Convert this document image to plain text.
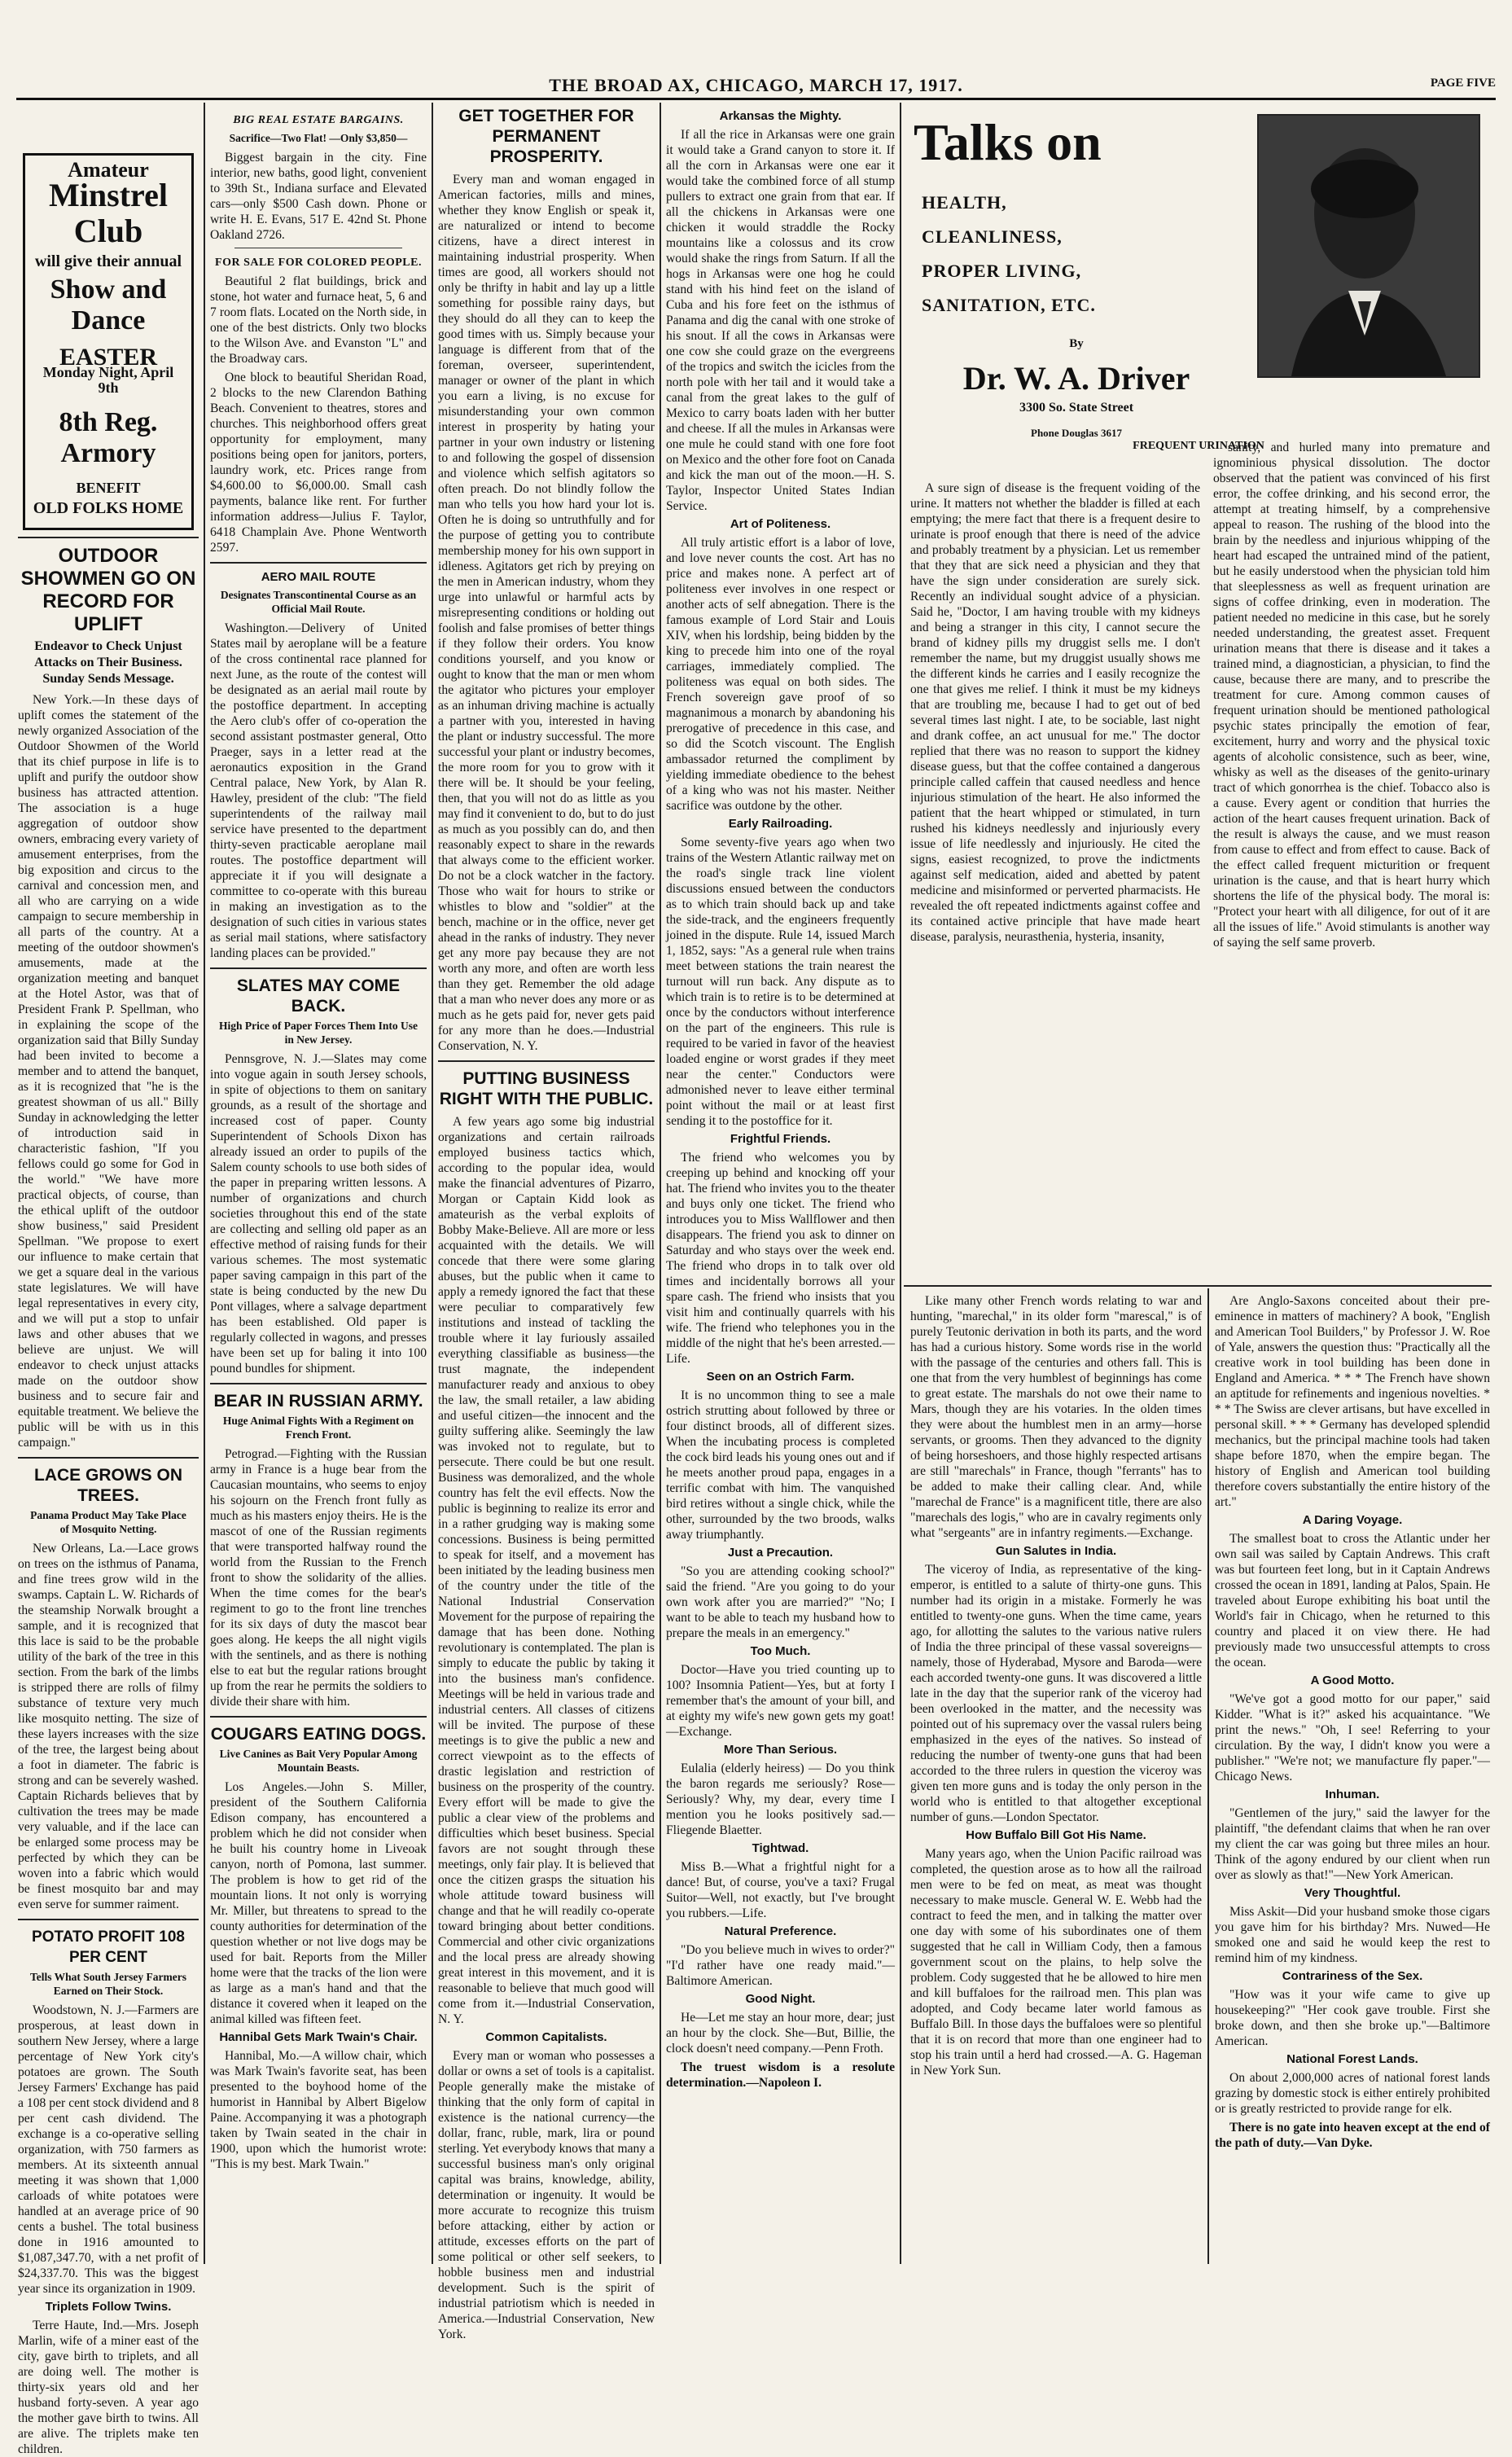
THE BROAD AX, CHICAGO, MARCH 17, 1917.	PAGE FIVE
Amateur
Minstrel Club
will give their annual
Show and Dance
EASTER
Monday Night, April 9th
8th Reg. Armory
BENEFIT
OLD FOLKS HOME
OUTDOOR SHOWMEN GO ON RECORD FOR UPLIFT
Endeavor to Check Unjust Attacks on Their Business. Sunday Sends Message.

New York.—In these days of uplift comes the statement of the newly organized Association of the Outdoor Showmen of the World that its chief purpose in life is to uplift and purify the outdoor show business has attracted attention. The association is a huge aggregation of outdoor show owners, embracing every variety of amusement enterprises, from the big exposition and circus to the carnival and concession men, and all who are carrying on a wide campaign to secure membership in all parts of the country. At a meeting of the outdoor showmen's amusements, made at the organization meeting and banquet at the Hotel Astor, was that of President Frank P. Spellman, who in explaining the scope of the organization said that Billy Sunday had been invited to become a member and to attend the banquet, as it is recognized that "he is the greatest showman of us all." Billy Sunday in acknowledging the letter of introduction said in characteristic fashion, "If you fellows could go some for God in the world." "We have more practical objects, of course, than the ethical uplift of the outdoor show business," said President Spellman. "We propose to exert our influence to make certain that we get a square deal in the various state legislatures. We will have legal representatives in every city, and we will put a stop to unfair laws and other abuses that we believe are unjust. We will endeavor to check unjust attacks made on the outdoor show business and to secure fair and equitable treatment. We believe the public will be with us in this campaign."

LACE GROWS ON TREES.
Panama Product May Take Place of Mosquito Netting.

New Orleans, La.—Lace grows on trees on the isthmus of Panama, and fine trees grow wild in the swamps. Captain L. W. Richards of the steamship Norwalk brought a sample, and it is recognized that this lace is said to be the probable utility of the bark of the tree in this section. From the bark of the limbs is stripped there are rolls of filmy substance of texture very much like mosquito netting. The size of these layers increases with the size of the tree, the largest being about a foot in diameter. The fabric is strong and can be severely washed. Captain Richards believes that by cultivation the trees may be made very valuable, and if the lace can be enlarged some process may be perfected by which they can be woven into a fabric which would be finest mosquito bar and may even serve for summer raiment.

POTATO PROFIT 108 PER CENT
Tells What South Jersey Farmers Earned on Their Stock.

Woodstown, N. J.—Farmers are prosperous, at least down in southern New Jersey, where a large percentage of New York city's potatoes are grown. The South Jersey Farmers' Exchange has paid a 108 per cent stock dividend and 8 per cent cash dividend. The exchange is a co-operative selling organization, with 750 farmers as members. At its sixteenth annual meeting it was shown that 1,000 carloads of white potatoes were handled at an average price of 90 cents a bushel. The total business done in 1916 amounted to $1,087,347.70, with a net profit of $24,337.70. This was the biggest year since its organization in 1909.

Triplets Follow Twins.

Terre Haute, Ind.—Mrs. Joseph Marlin, wife of a miner east of the city, gave birth to triplets, and all are doing well. The mother is thirty-six years old and her husband forty-seven. A year ago the mother gave birth to twins. All are alive. The triplets make ten children.

BIG REAL ESTATE BARGAINS.
Sacrifice—Two Flat! —Only $3,850—

Biggest bargain in the city. Fine interior, new baths, good light, convenient to 39th St., Indiana surface and Elevated cars—only $500 Cash down. Phone or write H. E. Evans, 517 E. 42nd St. Phone Oakland 2726.

FOR SALE FOR COLORED PEOPLE.

Beautiful 2 flat buildings, brick and stone, hot water and furnace heat, 5, 6 and 7 room flats. Located on the North side, in one of the best districts. Only two blocks to the Wilson Ave. and Evanston "L" and the Broadway cars.

One block to beautiful Sheridan Road, 2 blocks to the new Clarendon Bathing Beach. Convenient to theatres, stores and churches. This neighborhood offers great opportunity for employment, many positions being open for janitors, porters, laundry work, etc. Prices range from $4,600.00 to $6,000.00. Small cash payments, balance like rent. For further information address—Julius F. Taylor, 6418 Champlain Ave. Phone Wentworth 2597.

AERO MAIL ROUTE
Designates Transcontinental Course as an Official Mail Route.

Washington.—Delivery of United States mail by aeroplane will be a feature of the cross continental race planned for next June, as the route of the contest will be designated as an aerial mail route by the postoffice department. In accepting the Aero club's offer of co-operation the second assistant postmaster general, Otto Praeger, says in a letter read at the aeronautics exposition in the Grand Central palace, New York, by Alan R. Hawley, president of the club: "The field superintendents of the railway mail service have presented to the department thirty-seven practicable aeroplane mail routes. The postoffice department will appreciate it if you will designate a committee to co-operate with this bureau in making an investigation as to the designation of such cities in various states as serial mail stations, where satisfactory landing places can be provided."

SLATES MAY COME BACK.
High Price of Paper Forces Them Into Use in New Jersey.

Pennsgrove, N. J.—Slates may come into vogue again in south Jersey schools, in spite of objections to them on sanitary grounds, as a result of the shortage and increased cost of paper. County Superintendent of Schools Dixon has already issued an order to pupils of the Salem county schools to use both sides of the paper in preparing written lessons. A number of organizations and church societies throughout this end of the state are collecting and selling old paper as an effective method of raising funds for their various schemes. The most systematic paper saving campaign in this part of the state is being conducted by the new Du Pont villages, where a salvage department has been established. Old paper is regularly collected in wagons, and presses have been set up for baling it into 100 pound bundles for shipment.

BEAR IN RUSSIAN ARMY.
Huge Animal Fights With a Regiment on French Front.

Petrograd.—Fighting with the Russian army in France is a huge bear from the Caucasian mountains, who seems to enjoy his sojourn on the French front fully as much as his masters enjoy theirs. He is the mascot of one of the Russian regiments that were transported halfway round the world from the Russian to the French front to show the solidarity of the allies. When the time comes for the bear's regiment to go to the front line trenches for its six days of duty the mascot bear goes along. He keeps the all night vigils with the sentinels, and as there is nothing else to eat but the regular rations brought up from the rear he permits the soldiers to divide their share with him.

COUGARS EATING DOGS.
Live Canines as Bait Very Popular Among Mountain Beasts.

Los Angeles.—John S. Miller, president of the Southern California Edison company, has encountered a problem which he did not consider when he built his country home in Liveoak canyon, north of Pomona, last summer. The problem is how to get rid of the mountain lions. It not only is worrying Mr. Miller, but threatens to spread to the county authorities for determination of the question whether or not live dogs may be used for bait. Reports from the Miller home were that the tracks of the lion were as large as a man's hand and that the distance it covered when it leaped on the animal killed was fifteen feet.

Hannibal Gets Mark Twain's Chair.

Hannibal, Mo.—A willow chair, which was Mark Twain's favorite seat, has been presented to the boyhood home of the humorist in Hannibal by Albert Bigelow Paine. Accompanying it was a photograph taken by Twain seated in the chair in 1900, upon which the humorist wrote: "This is my best. Mark Twain."

GET TOGETHER FOR PERMANENT PROSPERITY.

Every man and woman engaged in American factories, mills and mines, whether they know English or speak it, are naturalized or intend to become citizens, have a direct interest in maintaining industrial prosperity. When times are good, all workers should not only be thrifty in habit and lay up a little something for possible rainy days, but they should do all they can to keep the good times with us. Simply because your language is different from that of the foreman, overseer, superintendent, manager or owner of the plant in which you earn a living, is no excuse for misunderstanding your own common interest in prosperity by hating your partner in your own industry or listening to and following the gospel of dissension and violence which selfish agitators so often preach. Do not blindly follow the man who tells you how hard your lot is. Often he is doing so untruthfully and for the purpose of getting you to contribute membership money for his own support in idleness. Agitators get rich by preying on the men in American industry, whom they urge into unlawful or harmful acts by misrepresenting conditions or holding out foolish and false promises of better things if they follow their orders. You know conditions yourself, and you know or ought to know that the man or men whom the agitator who pictures your employer as an inhuman driving machine is actually a partner with you, interested in having the plant or industry successful. The more successful your plant or industry becomes, the more room for you to grow with it there will be. It should be your feeling, then, that you will not do as little as you may find it convenient to do, but to do just as much as you possibly can do, and then reasonably expect to share in the rewards that always come to the efficient worker. Do not be a clock watcher in the factory. Those who wait for hours to strike or whistles to blow and "soldier" at the bench, machine or in the office, never get ahead in the ranks of industry. They never get any more pay because they are not worth any more, and often are worth less than they get. Remember the old adage that a man who never does any more or as much as he gets paid for, never gets paid for any more than he does.—Industrial Conservation, N. Y.

PUTTING BUSINESS RIGHT WITH THE PUBLIC.

A few years ago some big industrial organizations and certain railroads employed business tactics which, according to the popular idea, would make the financial adventures of Pizarro, Morgan or Captain Kidd look as amateurish as the verbal exploits of Bobby Make-Believe. All are more or less acquainted with the details. We will concede that there were some glaring abuses, but the public when it came to apply a remedy ignored the fact that these were peculiar to comparatively few institutions and instead of tackling the trouble where it lay furiously assailed everything classifiable as business—the trust magnate, the independent manufacturer ready and anxious to obey the law, the small retailer, a law abiding and useful citizen—the innocent and the guilty suffering alike. Seemingly the law was invoked not to regulate, but to persecute. There could be but one result. Business was demoralized, and the whole country has felt the evil effects. Now the public is beginning to realize its error and in a rather grudging way is making some concessions. Business is being permitted to speak for itself, and a movement has been initiated by the leading business men of the country under the title of the National Industrial Conservation Movement for the purpose of repairing the damage that has been done. Nothing revolutionary is contemplated. The plan is simply to educate the public by taking it into the business man's confidence. Meetings will be held in various trade and industrial centers. All classes of citizens will be invited. The purpose of these meetings is to give the public a new and correct viewpoint as to the effects of drastic legislation and restriction of business on the prosperity of the country. Every effort will be made to give the public a clear view of the problems and difficulties which beset business. Special favors are not sought through these meetings, only fair play. It is believed that once the citizen grasps the situation his whole attitude toward business will change and that he will readily co-operate toward bringing about better conditions. Commercial and other civic organizations and the local press are already showing great interest in this movement, and it is reasonable to believe that much good will come from it.—Industrial Conservation, N. Y.

Common Capitalists.

Every man or woman who possesses a dollar or owns a set of tools is a capitalist. People generally make the mistake of thinking that the only form of capital in existence is the national currency—the dollar, franc, ruble, mark, lira or pound sterling. Yet everybody knows that many a successful business man's only original capital was brains, knowledge, ability, determination or ingenuity. It would be more accurate to recognize this truism before attacking, either by action or attitude, excesses efforts on the part of some political or other self seekers, to hobble business men and industrial development. Such is the spirit of industrial patriotism which is needed in America.—Industrial Conservation, New York.

Arkansas the Mighty.

If all the rice in Arkansas were one grain it would take a Grand canyon to store it. If all the corn in Arkansas were one ear it would take the combined force of all stump pullers to extract one grain from that ear. If all the chickens in Arkansas were one chicken it would straddle the Rocky mountains like a colossus and its crow would shake the rings from Saturn. If all the hogs in Arkansas were one hog he could stand with his hind feet on the island of Cuba and his fore feet on the isthmus of Panama and dig the canal with one stroke of his snout. If all the cows in Arkansas were one cow she could graze on the evergreens of the tropics and switch the icicles from the north pole with her tail and it would take a canal from the great lakes to the gulf of Mexico to carry boats laden with her butter and cheese. If all the mules in Arkansas were one mule he could stand with one fore foot on Mexico and the other fore foot on Canada and kick the man out of the moon.—H. S. Taylor, Inspector United States Indian Service.

Art of Politeness.

All truly artistic effort is a labor of love, and love never counts the cost. Art has no price and makes none. A perfect art of politeness ever involves in one respect or another acts of self abnegation. There is the famous example of Lord Stair and Louis XIV, when his lordship, being bidden by the king to precede him into one of the royal carriages, immediately complied. The politeness was equal on both sides. The French sovereign gave proof of so magnanimous a monarch by abandoning his prerogative of precedence in this case, and so did the Scotch viscount. The English ambassador returned the compliment by yielding immediate obedience to the behest of a king who was not his master. Neither sacrifice was outdone by the other.

Early Railroading.

Some seventy-five years ago when two trains of the Western Atlantic railway met on the road's single track line violent discussions ensued between the conductors as to which train should back up and take the side-track, and the engineers frequently joined in the dispute. Rule 14, issued March 1, 1852, says: "As a general rule when trains meet between stations the train nearest the turnout will run back. Any dispute as to which train is to retire is to be determined at once by the conductors without interference on the part of the engineers. This rule is required to be varied in favor of the heaviest loaded engine or worst grades if they meet near the center." Conductors were admonished never to leave either terminal point without the mail or at least first sending it to the postoffice for it.

Frightful Friends.

The friend who welcomes you by creeping up behind and knocking off your hat. The friend who invites you to the theater and buys only one ticket. The friend who introduces you to Miss Wallflower and then disappears. The friend you ask to dinner on Saturday and who stays over the week end. The friend who drops in to talk over old times and incidentally borrows all your spare cash. The friend who insists that you visit him and continually quarrels with his wife. The friend who telephones you in the middle of the night that he's been arrested.—Life.

Seen on an Ostrich Farm.

It is no uncommon thing to see a male ostrich strutting about followed by three or four distinct broods, all of different sizes. When the incubating process is completed the cock bird leads his young ones out and if he meets another proud papa, engages in a terrific combat with him. The vanquished bird retires without a single chick, while the other, surrounded by the two broods, walks away triumphantly.

Just a Precaution.

"So you are attending cooking school?" said the friend. "Are you going to do your own work after you are married?" "No; I want to be able to teach my husband how to prepare the meals in an emergency."

Too Much.

Doctor—Have you tried counting up to 100? Insomnia Patient—Yes, but at forty I remember that's the amount of your bill, and at eighty my wife's new gown gets my goat!—Exchange.

More Than Serious.

Eulalia (elderly heiress) — Do you think the baron regards me seriously? Rose—Seriously? Why, my dear, every time I mention you he looks positively sad.—Fliegende Blaetter.

Tightwad.

Miss B.—What a frightful night for a dance! But, of course, you've a taxi? Frugal Suitor—Well, not exactly, but I've brought you rubbers.—Life.

Natural Preference.

"Do you believe much in wives to order?" "I'd rather have one ready maid."—Baltimore American.

Good Night.

He—Let me stay an hour more, dear; just an hour by the clock. She—But, Billie, the clock doesn't need company.—Penn Froth.

The truest wisdom is a resolute determination.—Napoleon I.

Talks on
HEALTH,
CLEANLINESS,
PROPER LIVING,
SANITATION, ETC.
By
Dr. W. A. Driver
3300 So. State Street
Phone Douglas 3617
FREQUENT URINATION

A sure sign of disease is the frequent voiding of the urine. It matters not whether the bladder is filled at each emptying; the mere fact that there is a frequent desire to urinate is proof enough that there is need of the advice and probably treatment by a physician. Let us remember that they that are sick need a physician and they that have the sign under consideration are surely sick. Recently an individual sought advice of a physician. Said he, "Doctor, I am having trouble with my kidneys and being a stranger in this city, I cannot secure the brand of kidney pills my druggist sells me. I don't remember the name, but my druggist usually shows me the different kinds he carries and I easily recognize the one that gives me relief. I think it must be my kidneys that are troubling me, because I had to get out of bed several times last night. I ate, to be sociable, last night and drank coffee, an act unusual for me." The doctor replied that there was no reason to support the kidney disease guess, but that the coffee contained a dangerous principle called caffein that caused needless and hence injurious stimulation of the heart. He also informed the patient that the heart whipped or stimulated, in turn rushed his kidneys needlessly and injuriously every issue of life needlessly and injuriously. He cited the signs, easiest recognized, to prove the indictments against self medication, aided and abetted by patent medicine and misinformed or perverted pharmacists. He revealed the oft repeated indictments against coffee and its contained active principle that have made heart disease, paralysis, neurasthenia, hysteria, insanity,

sanity, and hurled many into premature and ignominious physical dissolution. The doctor observed that the patient was convinced of his first error, the coffee drinking, and his second error, the attempt at treating himself, by a comprehensive appeal to reason. The rushing of the blood into the brain by the needless and injurious whipping of the heart had escaped the untrained mind of the patient, but he easily understood when the physician told him that sleeplessness as well as frequent urination are signs of coffee drinking, even in moderation. The patient needed no medicine in this case, but he sorely needed understanding, the greatest asset. Frequent urination means that there is disease and it takes a trained mind, a diagnostician, a physician, to find the cause, because there are many, and to prescribe the treatment for cure. Among common causes of frequent urination should be mentioned pathological psychic states principally the emotion of fear, excitement, hurry and worry and the physical toxic agents of alcoholic consistence, such as beer, wine, whisky as well as the diseases of the genito-urinary tract of which gonorrhea is the chief. Tobacco also is a cause. Every agent or condition that hurries the action of the heart causes frequent urination. Back of the result is always the cause, and we must reason from cause to effect and from effect to cause. Back of the effect called frequent micturition or frequent urination is the cause, and that is heart hurry which shortens the life of the physical body. The moral is: "Protect your heart with all diligence, for out of it are all the issues of life." Avoid stimulants is another way of saying the self same proverb.

Like many other French words relating to war and hunting, "marechal," in its older form "marescal," is of purely Teutonic derivation in both its parts, and the word has had a curious history. Some words rise in the world with the passage of the centuries and others fall. This is one that from the very humblest of beginnings has come to great estate. The marshals do not owe their name to Mars, though they are his votaries. In the olden times they were about the humblest men in an army—horse servants, or grooms. Then they advanced to the dignity of being horseshoers, and those highly respected artisans are still "marechals" in France, though "ferrants" has to be added to make their calling clear. And, while "marechal de France" is a magnificent title, there are also "marechals des logis," who are in cavalry regiments only what "sergeants" are in infantry regiments.—Exchange.

Gun Salutes in India.

The viceroy of India, as representative of the king-emperor, is entitled to a salute of thirty-one guns. This number had its origin in a mistake. Formerly he was entitled to twenty-one guns. When the time came, years ago, for allotting the salutes to the various native rulers of India the three principal of these vassal sovereigns—namely, those of Hyderabad, Mysore and Baroda—were each accorded twenty-one guns. It was discovered a little late in the day that the superior rank of the viceroy had been overlooked in the matter, and the necessity was pointed out of his supremacy over the vassal rulers being emphasized in the eyes of the natives. So instead of reducing the number of twenty-one guns that had been accorded to the three rulers in question the viceroy was given ten more guns and is today the only person in the world who is entitled to that altogether exceptional number of guns.—London Spectator.

How Buffalo Bill Got His Name.

Many years ago, when the Union Pacific railroad was completed, the question arose as to how all the railroad men were to be fed on meat, as meat was thought necessary to make muscle. General W. E. Webb had the contract to feed the men, and in talking the matter over one day with some of his subordinates one of them suggested that he call in William Cody, then a famous government scout on the plains, to help solve the problem. Cody suggested that he be allowed to hire men and kill buffaloes for the railroad men. This plan was adopted, and Cody became later world famous as Buffalo Bill. In those days the buffaloes were so plentiful that it is on record that more than one engineer had to stop his train until a herd had crossed.—A. G. Hageman in New York Sun.

Are Anglo-Saxons conceited about their pre-eminence in matters of machinery? A book, "English and American Tool Builders," by Professor J. W. Roe of Yale, answers the question thus: "Practically all the creative work in tool building has been done in England and America. * * * The French have shown an aptitude for refinements and ingenious novelties. * * * The Swiss are clever artisans, but have excelled in personal skill. * * * Germany has developed splendid mechanics, but the principal machine tools had taken shape before 1870, when the empire began. The history of English and American tool building therefore covers substantially the entire history of the art."

A Daring Voyage.

The smallest boat to cross the Atlantic under her own sail was sailed by Captain Andrews. This craft was but fourteen feet long, but in it Captain Andrews crossed the ocean in 1891, landing at Palos, Spain. He traveled about Europe exhibiting his boat until the World's fair in Chicago, when he returned to this country and placed it on view there. He had previously made two unsuccessful attempts to cross the ocean.

A Good Motto.

"We've got a good motto for our paper," said Kidder. "What is it?" asked his acquaintance. "We print the news." "Oh, I see! Referring to your circulation. By the way, I didn't know you were a publisher." "We're not; we manufacture fly paper."—Chicago News.

Inhuman.

"Gentlemen of the jury," said the lawyer for the plaintiff, "the defendant claims that when he ran over my client the car was going but three miles an hour. Think of the agony endured by our client when run over as slowly as that!"—New York American.

Very Thoughtful.

Miss Askit—Did your husband smoke those cigars you gave him for his birthday? Mrs. Nuwed—He smoked one and said he would keep the rest to remind him of my kindness.

Contrariness of the Sex.

"How was it your wife came to give up housekeeping?" "Her cook gave trouble. First she broke down, and then she broke up."—Baltimore American.

National Forest Lands.

On about 2,000,000 acres of national forest lands grazing by domestic stock is either entirely prohibited or is greatly restricted to provide range for elk.

There is no gate into heaven except at the end of the path of duty.—Van Dyke.
